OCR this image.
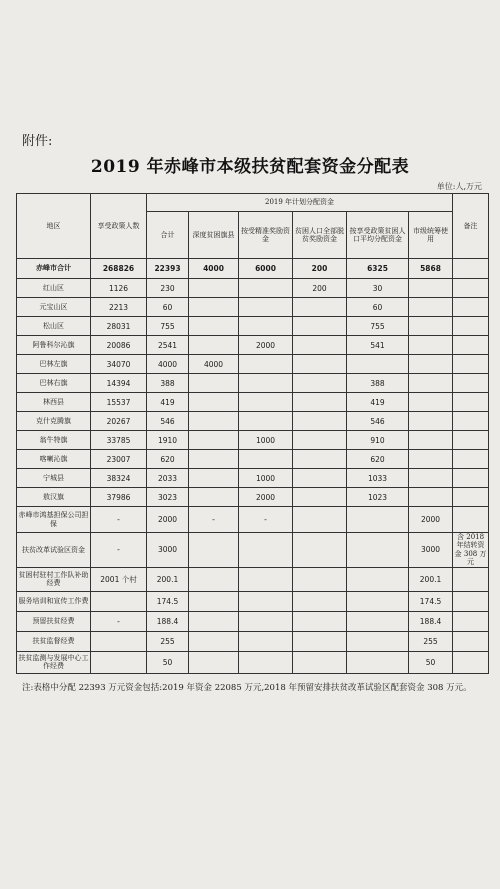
附件:
2019 年赤峰市本级扶贫配套资金分配表
单位:人,万元
地区	享受政策人数	2019 年计划分配资金						备注
		合计	深度贫困旗县	按受精准奖励资金	贫困人口全部脱贫奖励资金	按享受政策贫困人口平均分配资金	市级统筹使用	

赤峰市合计	268826	22393	4000	6000	200	6325	5868	
红山区	1126	230			200	30		
元宝山区	2213	60				60		
松山区	28031	755				755		
阿鲁科尔沁旗	20086	2541		2000		541		
巴林左旗	34070	4000	4000					
巴林右旗	14394	388				388		
林西县	15537	419				419		
克什克腾旗	20267	546				546		
翁牛特旗	33785	1910		1000		910		
喀喇沁旗	23007	620				620		
宁城县	38324	2033		1000		1033		
敖汉旗	37986	3023		2000		1023		
赤峰市鸿基担保公司担保	-	2000	-	-			2000	
扶贫改革试验区资金	-	3000					3000	含 2018 年结转资金 308 万元
贫困村驻村工作队补助经费	2001 个村	200.1					200.1	
服务培训和宣传工作费		174.5					174.5	
预留扶贫经费	-	188.4					188.4	
扶贫监督经费		255					255	
扶贫监测与发展中心工作经费		50					50	
注:表格中分配 22393 万元资金包括:2019 年资金 22085 万元,2018 年预留安排扶贫改革试验区配套资金 308 万元。
